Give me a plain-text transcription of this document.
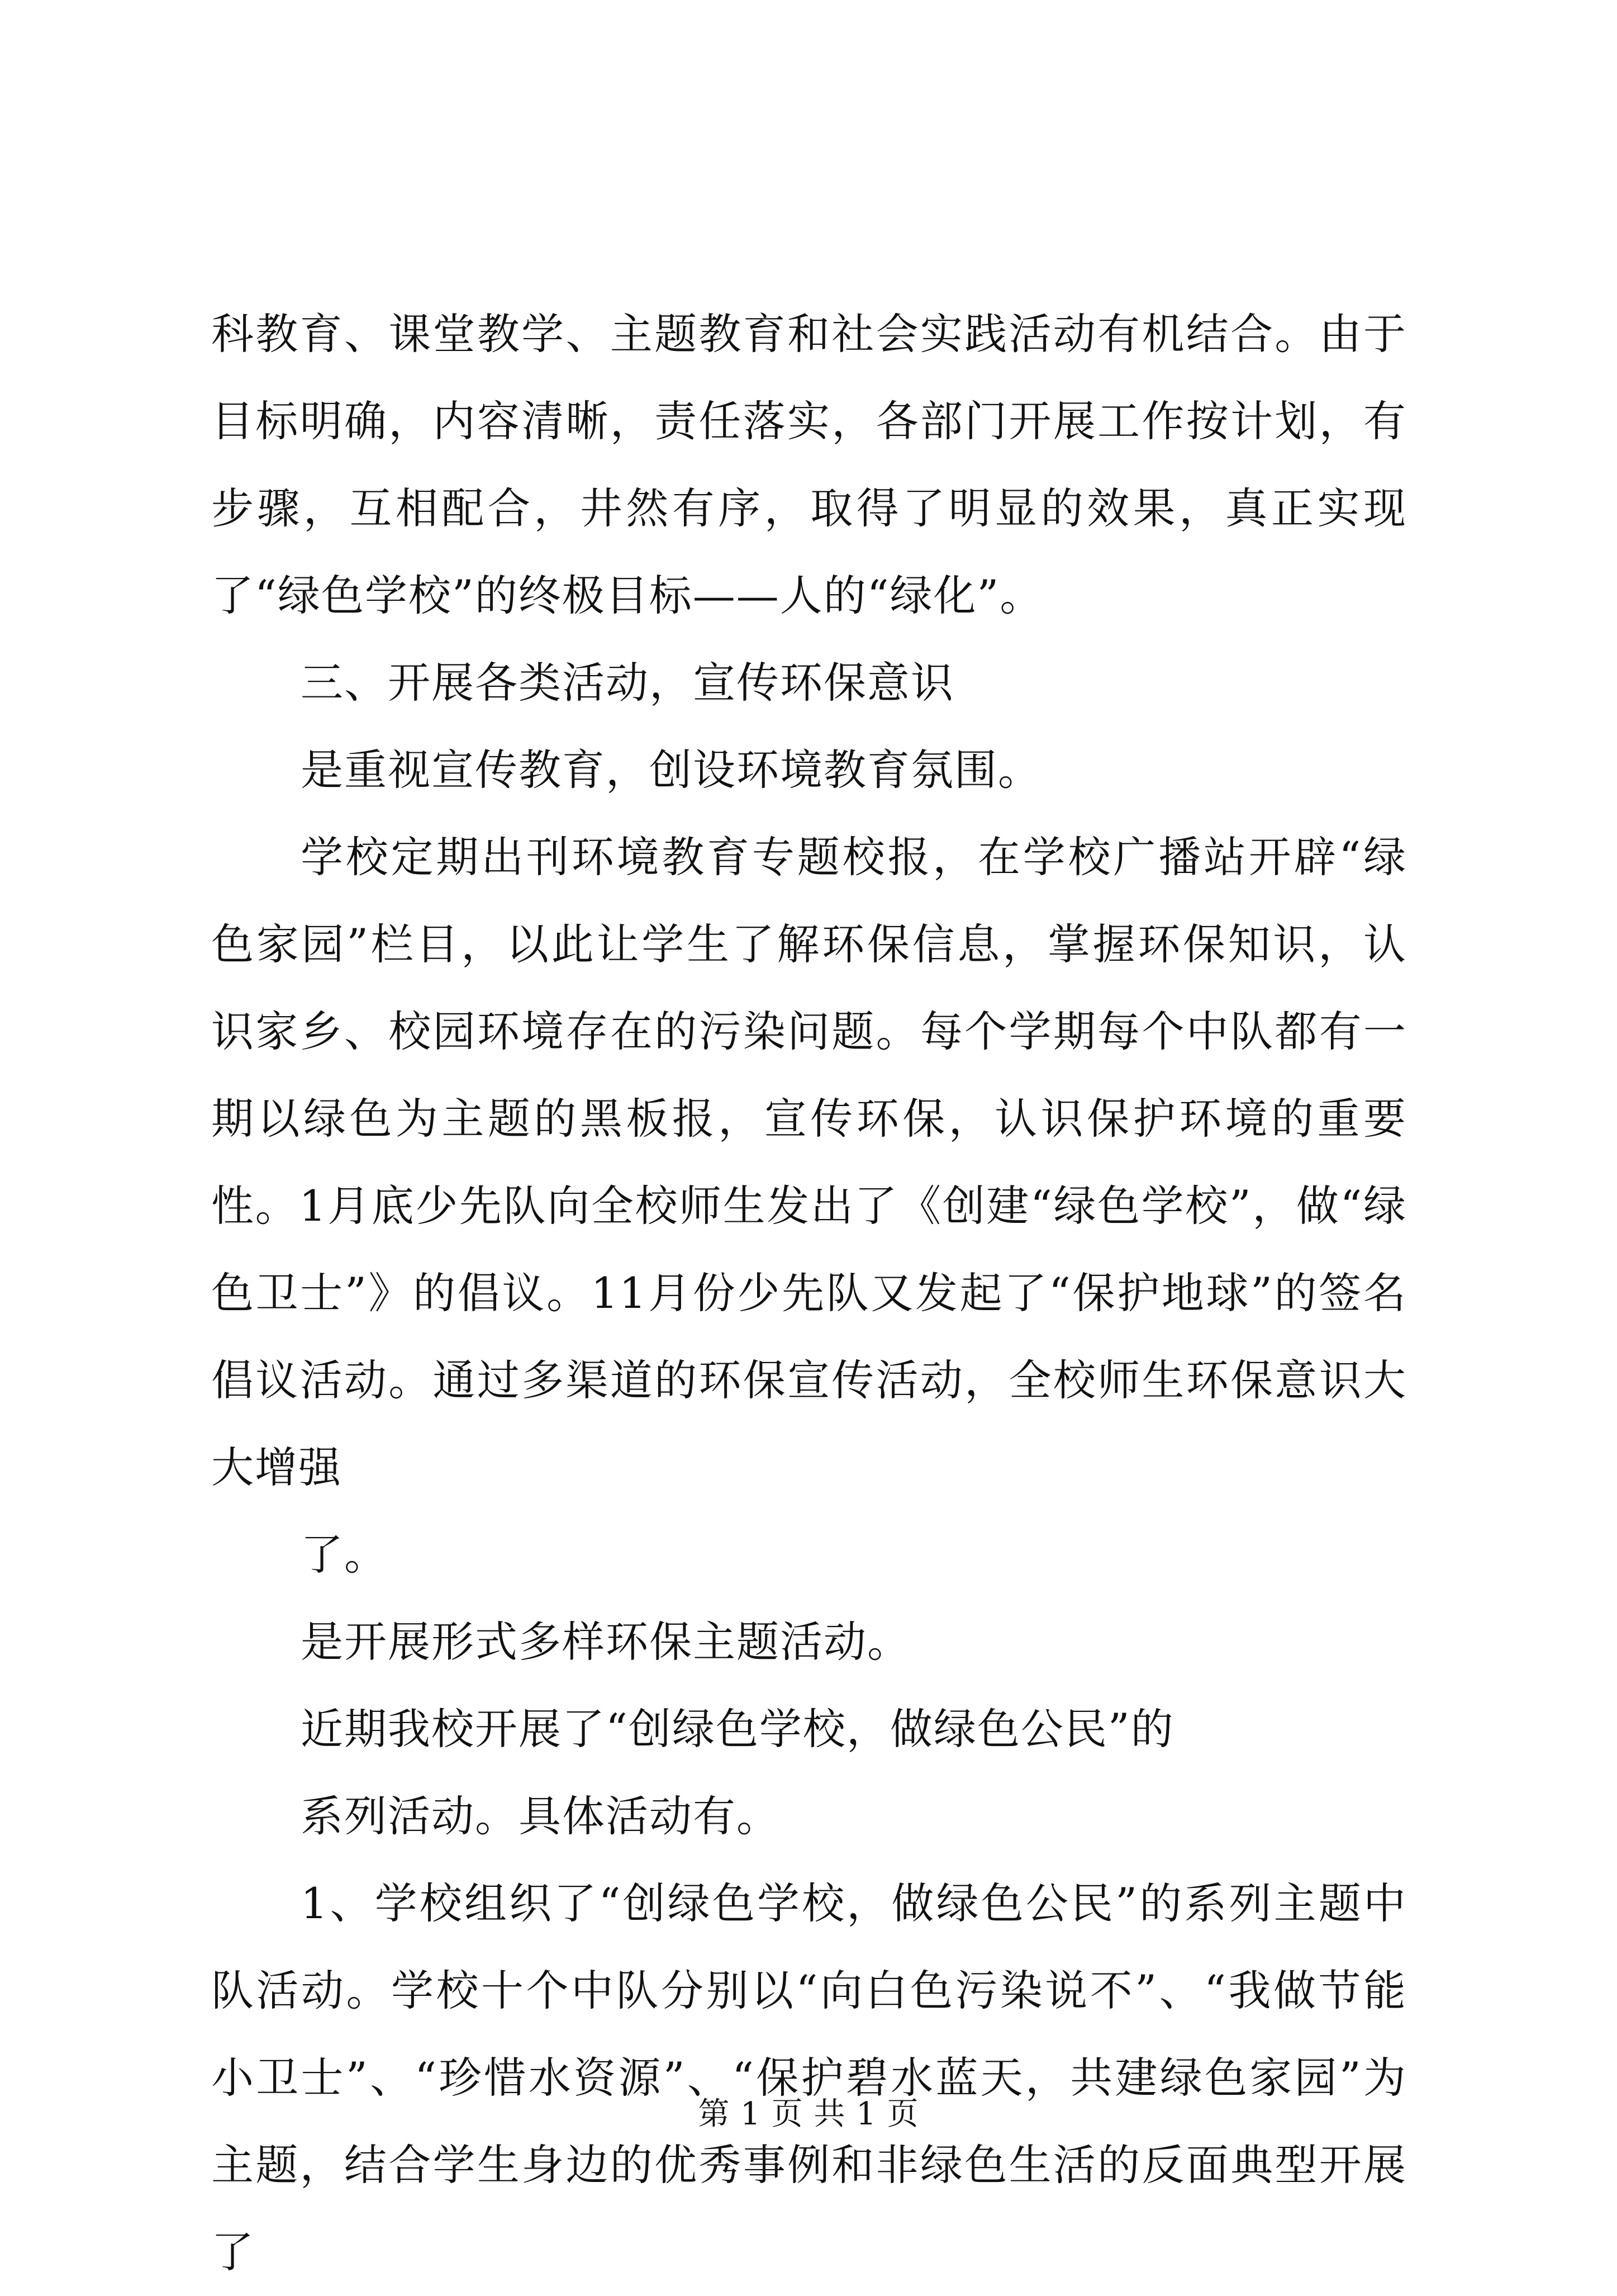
科教育、课堂教学、主题教育和社会实践活动有机结合。由于目标明确，内容清晰，责任落实，各部门开展工作按计划，有步骤，互相配合，井然有序，取得了明显的效果，真正实现了“绿色学校”的终极目标——人的“绿化”。

三、开展各类活动，宣传环保意识

是重视宣传教育，创设环境教育氛围。

学校定期出刊环境教育专题校报，在学校广播站开辟“绿色家园”栏目，以此让学生了解环保信息，掌握环保知识，认识家乡、校园环境存在的污染问题。每个学期每个中队都有一期以绿色为主题的黑板报，宣传环保，认识保护环境的重要性。1月底少先队向全校师生发出了《创建“绿色学校”，做“绿色卫士”》的倡议。11月份少先队又发起了“保护地球”的签名倡议活动。通过多渠道的环保宣传活动，全校师生环保意识大大增强

了。

是开展形式多样环保主题活动。

近期我校开展了“创绿色学校，做绿色公民”的

系列活动。具体活动有。

1、学校组织了“创绿色学校，做绿色公民”的系列主题中队活动。学校十个中队分别以“向白色污染说不”、“我做节能小卫士”、“珍惜水资源”、“保护碧水蓝天，共建绿色家园”为主题，结合学生身边的优秀事例和非绿色生活的反面典型开展了

第 1 页 共 1 页
